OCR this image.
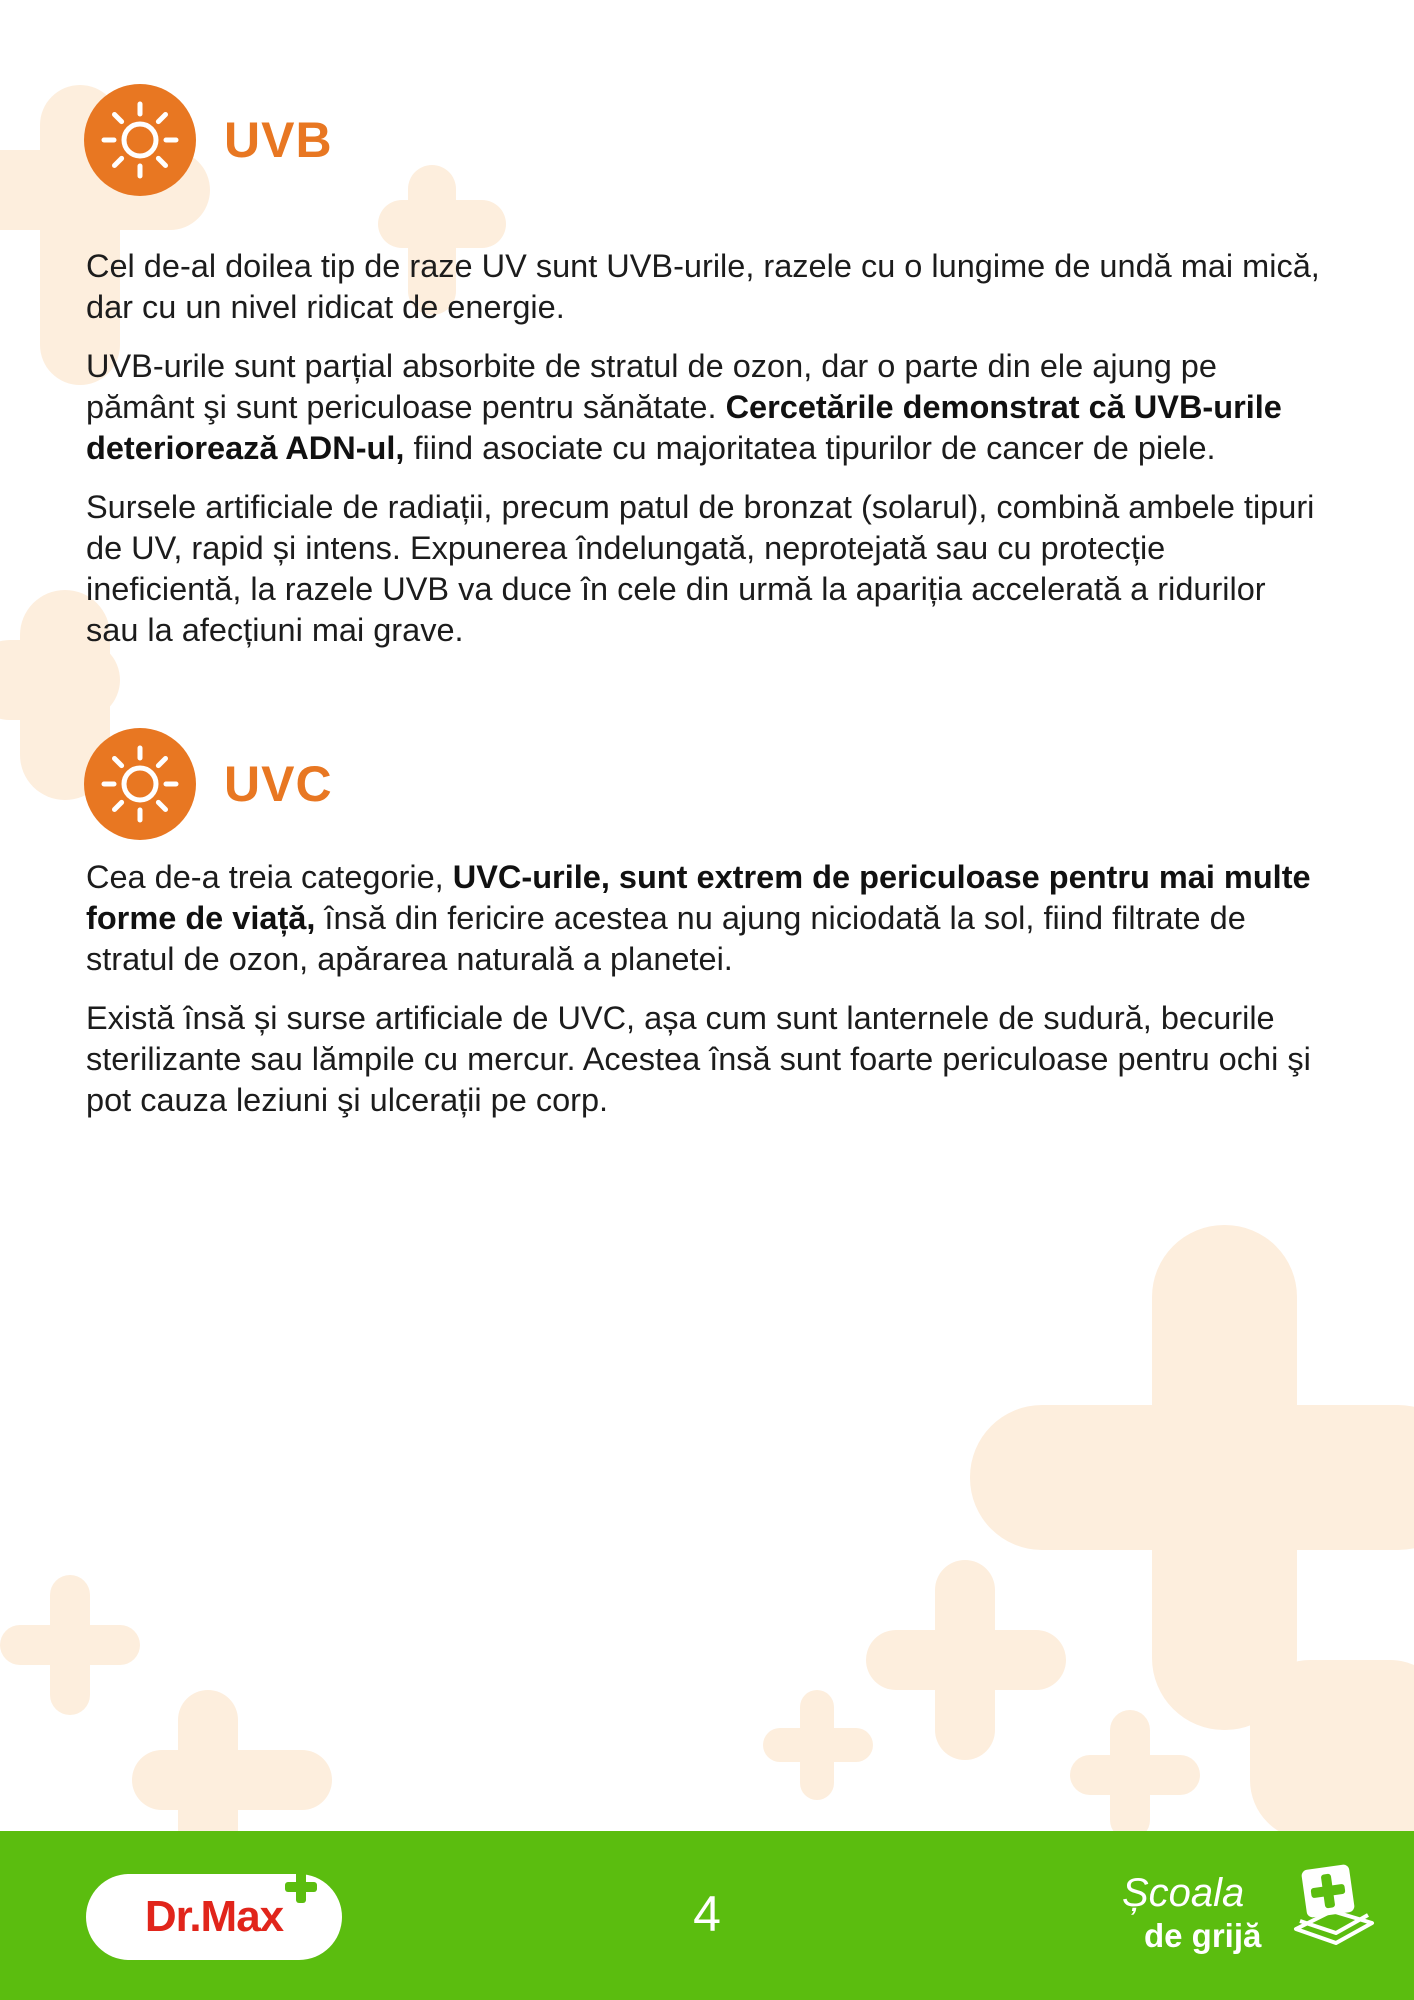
UVB

Cel de-al doilea tip de raze UV sunt UVB-urile, razele cu o lungime de undă mai mică, dar cu un nivel ridicat de energie.

UVB-urile sunt parțial absorbite de stratul de ozon, dar o parte din ele ajung pe pământ şi sunt periculoase pentru sănătate. Cercetările demonstrat că UVB-urile deteriorează ADN-ul, fiind asociate cu majoritatea tipurilor de cancer de piele.

Sursele artificiale de radiații, precum patul de bronzat (solarul), combină ambele tipuri de UV, rapid și intens. Expunerea îndelungată, neprotejată sau cu protecție ineficientă, la razele UVB va duce în cele din urmă la apariția accelerată a ridurilor sau la afecțiuni mai grave.

UVC

Cea de-a treia categorie, UVC-urile, sunt extrem de periculoase pentru mai multe forme de viață, însă din fericire acestea nu ajung niciodată la sol, fiind filtrate de stratul de ozon, apărarea naturală a planetei.

Există însă și surse artificiale de UVC, așa cum sunt lanternele de sudură, becurile sterilizante sau lămpile cu mercur. Acestea însă sunt foarte periculoase pentru ochi şi pot cauza leziuni şi ulcerații pe corp.

Dr.Max	4	Școala
de grijă
